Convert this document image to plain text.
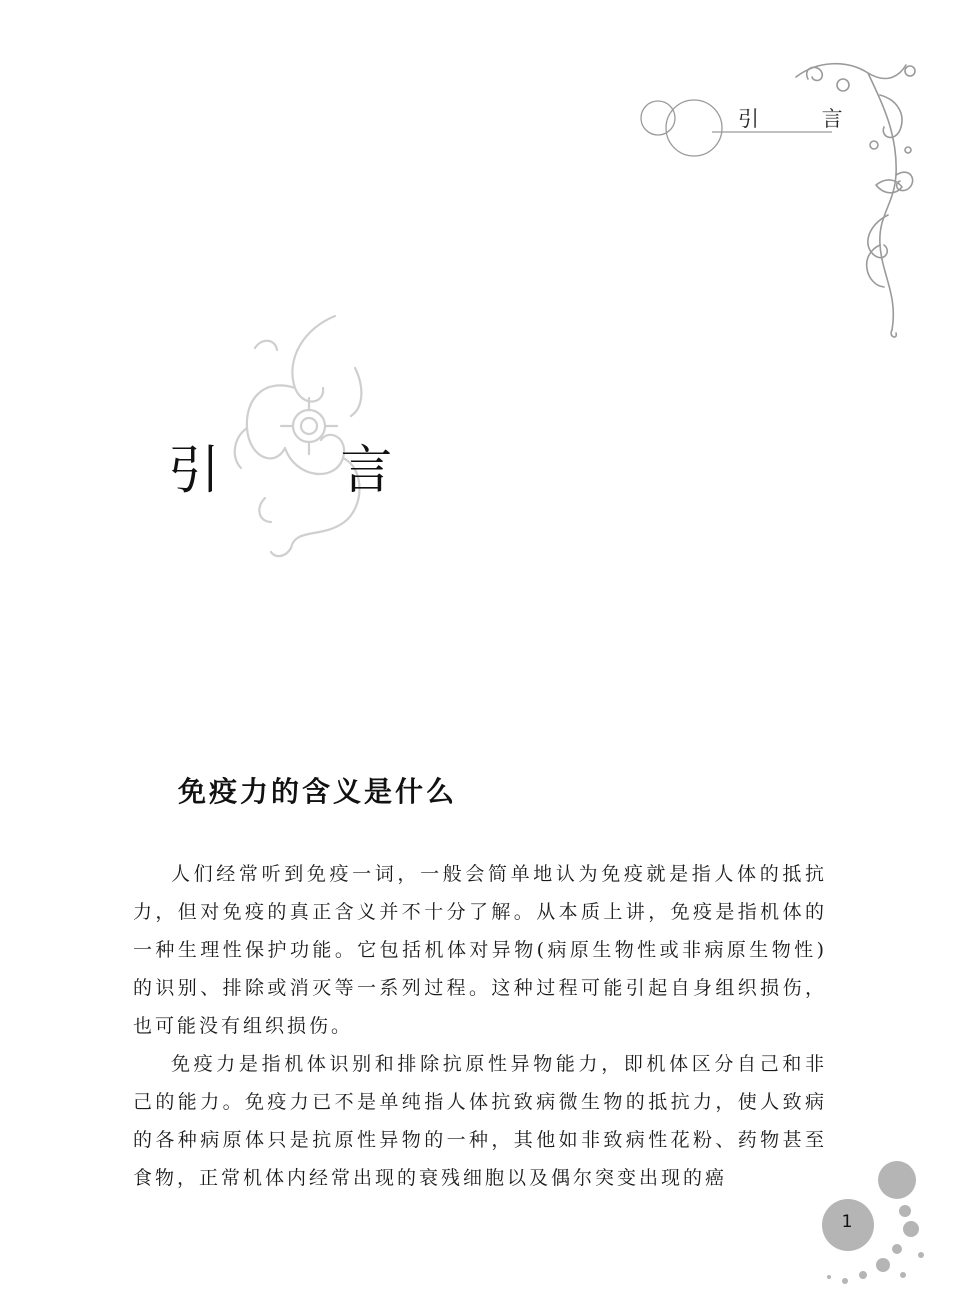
引 言
引 言
免疫力的含义是什么

人们经常听到免疫一词，一般会简单地认为免疫就是指人体的抵抗力，但对免疫的真正含义并不十分了解。从本质上讲，免疫是指机体的一种生理性保护功能。它包括机体对异物(病原生物性或非病原生物性)的识别、排除或消灭等一系列过程。这种过程可能引起自身组织损伤，也可能没有组织损伤。

免疫力是指机体识别和排除抗原性异物能力，即机体区分自己和非己的能力。免疫力已不是单纯指人体抗致病微生物的抵抗力，使人致病的各种病原体只是抗原性异物的一种，其他如非致病性花粉、药物甚至食物，正常机体内经常出现的衰残细胞以及偶尔突变出现的癌

1
